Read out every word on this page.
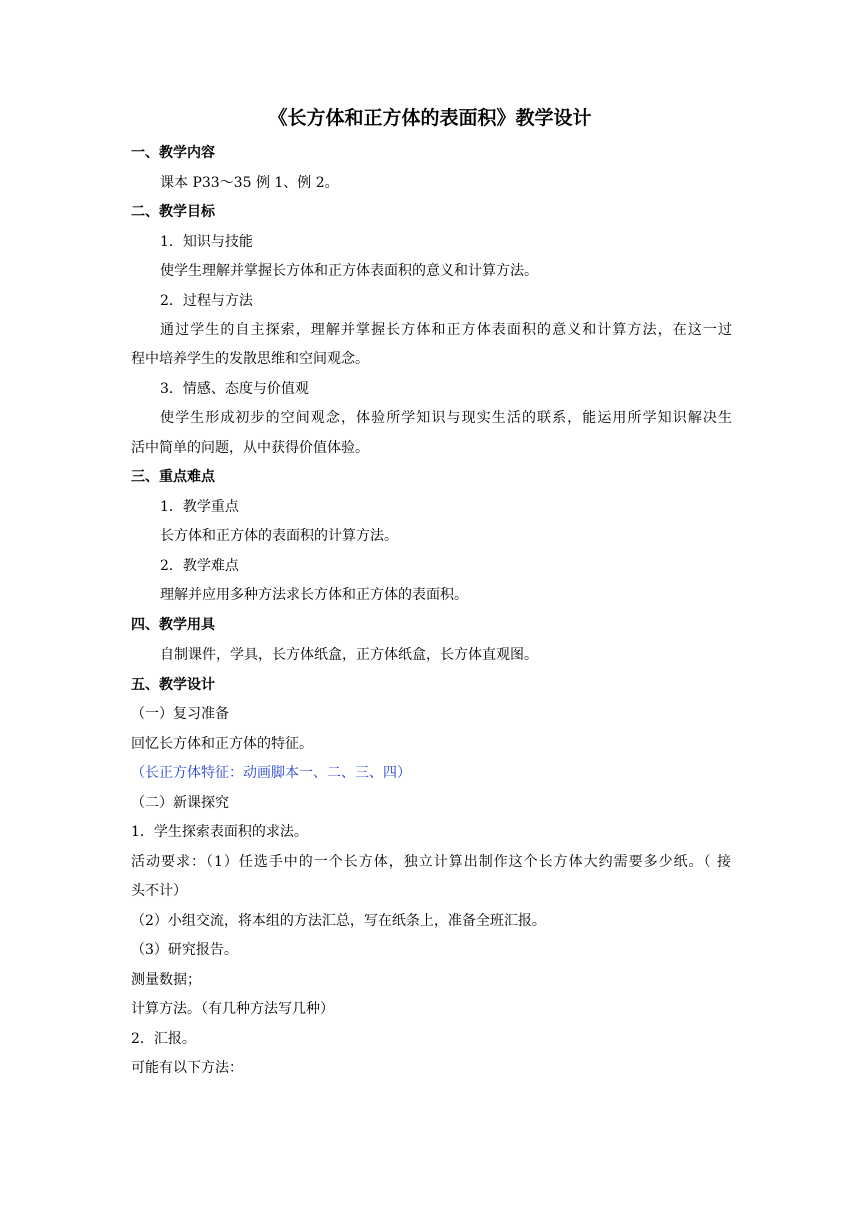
《长方体和正方体的表面积》教学设计
一、教学内容
课本 P33～35 例 1、例 2。
二、教学目标
1．知识与技能
使学生理解并掌握长方体和正方体表面积的意义和计算方法。
2．过程与方法
通过学生的自主探索，理解并掌握长方体和正方体表面积的意义和计算方法，在这一过
程中培养学生的发散思维和空间观念。
3．情感、态度与价值观
使学生形成初步的空间观念，体验所学知识与现实生活的联系，能运用所学知识解决生
活中简单的问题，从中获得价值体验。
三、重点难点
1．教学重点
长方体和正方体的表面积的计算方法。
2．教学难点
理解并应用多种方法求长方体和正方体的表面积。
四、教学用具
自制课件，学具，长方体纸盒，正方体纸盒，长方体直观图。
五、教学设计
（一）复习准备
回忆长方体和正方体的特征。
（长正方体特征：动画脚本一、二、三、四）
（二）新课探究
1．学生探索表面积的求法。
活动要求：（1）任选手中的一个长方体，独立计算出制作这个长方体大约需要多少纸。（ 接
头不计）
（2）小组交流，将本组的方法汇总，写在纸条上，准备全班汇报。
（3）研究报告。
测量数据；
计算方法。（有几种方法写几种）
2．汇报。
可能有以下方法：
